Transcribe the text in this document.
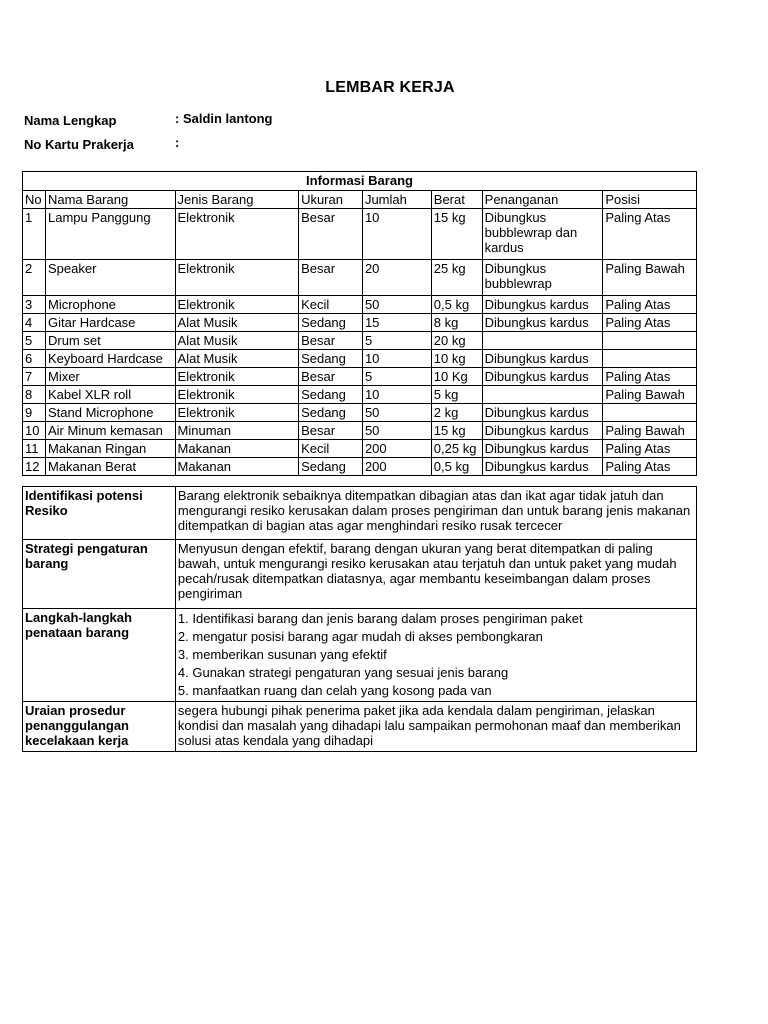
LEMBAR KERJA
Nama Lengkap	: Saldin lantong
No Kartu Prakerja	:
Informasi Barang							
No	Nama Barang	Jenis Barang	Ukuran	Jumlah	Berat	Penanganan	Posisi
1	Lampu Panggung	Elektronik	Besar	10	15 kg	Dibungkus bubblewrap dan kardus	Paling Atas
2	Speaker	Elektronik	Besar	20	25 kg	Dibungkus bubblewrap	Paling Bawah
3	Microphone	Elektronik	Kecil	50	0,5 kg	Dibungkus kardus	Paling Atas
4	Gitar Hardcase	Alat Musik	Sedang	15	8 kg	Dibungkus kardus	Paling Atas
5	Drum set	Alat Musik	Besar	5	20 kg		
6	Keyboard Hardcase	Alat Musik	Sedang	10	10 kg	Dibungkus kardus	
7	Mixer	Elektronik	Besar	5	10 Kg	Dibungkus kardus	Paling Atas
8	Kabel XLR roll	Elektronik	Sedang	10	5 kg		Paling Bawah
9	Stand Microphone	Elektronik	Sedang	50	2 kg	Dibungkus kardus	
10	Air Minum kemasan	Minuman	Besar	50	15 kg	Dibungkus kardus	Paling Bawah
11	Makanan Ringan	Makanan	Kecil	200	0,25 kg	Dibungkus kardus	Paling Atas
12	Makanan Berat	Makanan	Sedang	200	0,5 kg	Dibungkus kardus	Paling Atas
Identifikasi potensi Resiko	Barang elektronik sebaiknya ditempatkan dibagian atas dan ikat agar tidak jatuh dan mengurangi resiko kerusakan dalam proses pengiriman dan untuk barang jenis makanan ditempatkan di bagian atas agar menghindari resiko rusak tercecer
Strategi pengaturan barang	Menyusun dengan efektif, barang dengan ukuran yang berat ditempatkan di paling bawah, untuk mengurangi resiko kerusakan atau terjatuh dan untuk paket yang mudah pecah/rusak ditempatkan diatasnya, agar membantu keseimbangan dalam proses pengiriman
Langkah-langkah penataan barang	1. Identifikasi barang dan jenis barang dalam proses pengiriman paket
2. mengatur posisi barang agar mudah di akses pembongkaran
3. memberikan susunan yang efektif
4. Gunakan strategi pengaturan yang sesuai jenis barang
5. manfaatkan ruang dan celah yang kosong pada van

Uraian prosedur penanggulangan kecelakaan kerja	segera hubungi pihak penerima paket jika ada kendala dalam pengiriman, jelaskan kondisi dan masalah yang dihadapi lalu sampaikan permohonan maaf dan memberikan solusi atas kendala yang dihadapi
